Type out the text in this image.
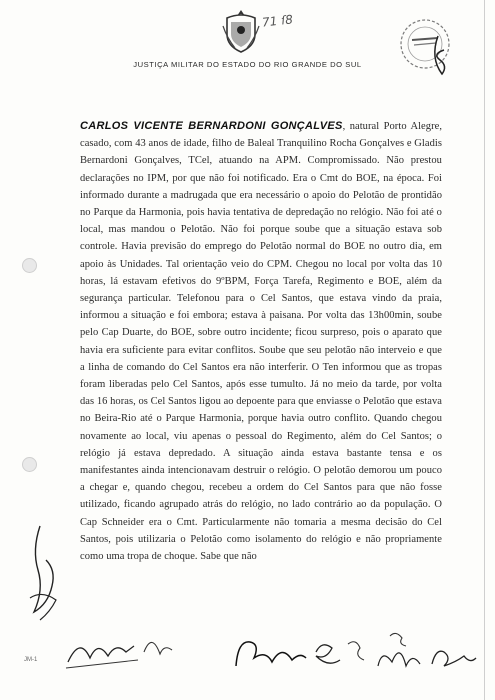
71 ſ8
JUSTIÇA MILITAR DO ESTADO DO RIO GRANDE DO SUL
CARLOS VICENTE BERNARDONI GONÇALVES, natural Porto Alegre, casado, com 43 anos de idade, filho de Baleal Tranquilino Rocha Gonçalves e Gladis Bernardoni Gonçalves, TCel, atuando na APM. Compromissado. Não prestou declarações no IPM, por que não foi notificado. Era o Cmt do BOE, na época. Foi informado durante a madrugada que era necessário o apoio do Pelotão de prontidão no Parque da Harmonia, pois havia tentativa de depredação no relógio. Não foi até o local, mas mandou o Pelotão. Não foi porque soube que a situação estava sob controle. Havia previsão do emprego do Pelotão normal do BOE no outro dia, em apoio às Unidades. Tal orientação veio do CPM. Chegou no local por volta das 10 horas, lá estavam efetivos do 9ºBPM, Força Tarefa, Regimento e BOE, além da segurança particular. Telefonou para o Cel Santos, que estava vindo da praia, informou a situação e foi embora; estava à paisana. Por volta das 13h00min, soube pelo Cap Duarte, do BOE, sobre outro incidente; ficou surpreso, pois o aparato que havia era suficiente para evitar conflitos. Soube que seu pelotão não interveio e que a linha de comando do Cel Santos era não interferir. O Ten informou que as tropas foram liberadas pelo Cel Santos, após esse tumulto. Já no meio da tarde, por volta das 16 horas, os Cel Santos ligou ao depoente para que enviasse o Pelotão que estava no Beira-Rio até o Parque Harmonia, porque havia outro conflito. Quando chegou novamente ao local, viu apenas o pessoal do Regimento, além do Cel Santos; o relógio já estava depredado. A situação ainda estava bastante tensa e os manifestantes ainda intencionavam destruir o relógio. O pelotão demorou um pouco a chegar e, quando chegou, recebeu a ordem do Cel Santos para que não fosse utilizado, ficando agrupado atrás do relógio, no lado contrário ao da população. O Cap Schneider era o Cmt. Particularmente não tomaria a mesma decisão do Cel Santos, pois utilizaria o Pelotão como isolamento do relógio e não propriamente como uma tropa de choque. Sabe que não
JM-1
